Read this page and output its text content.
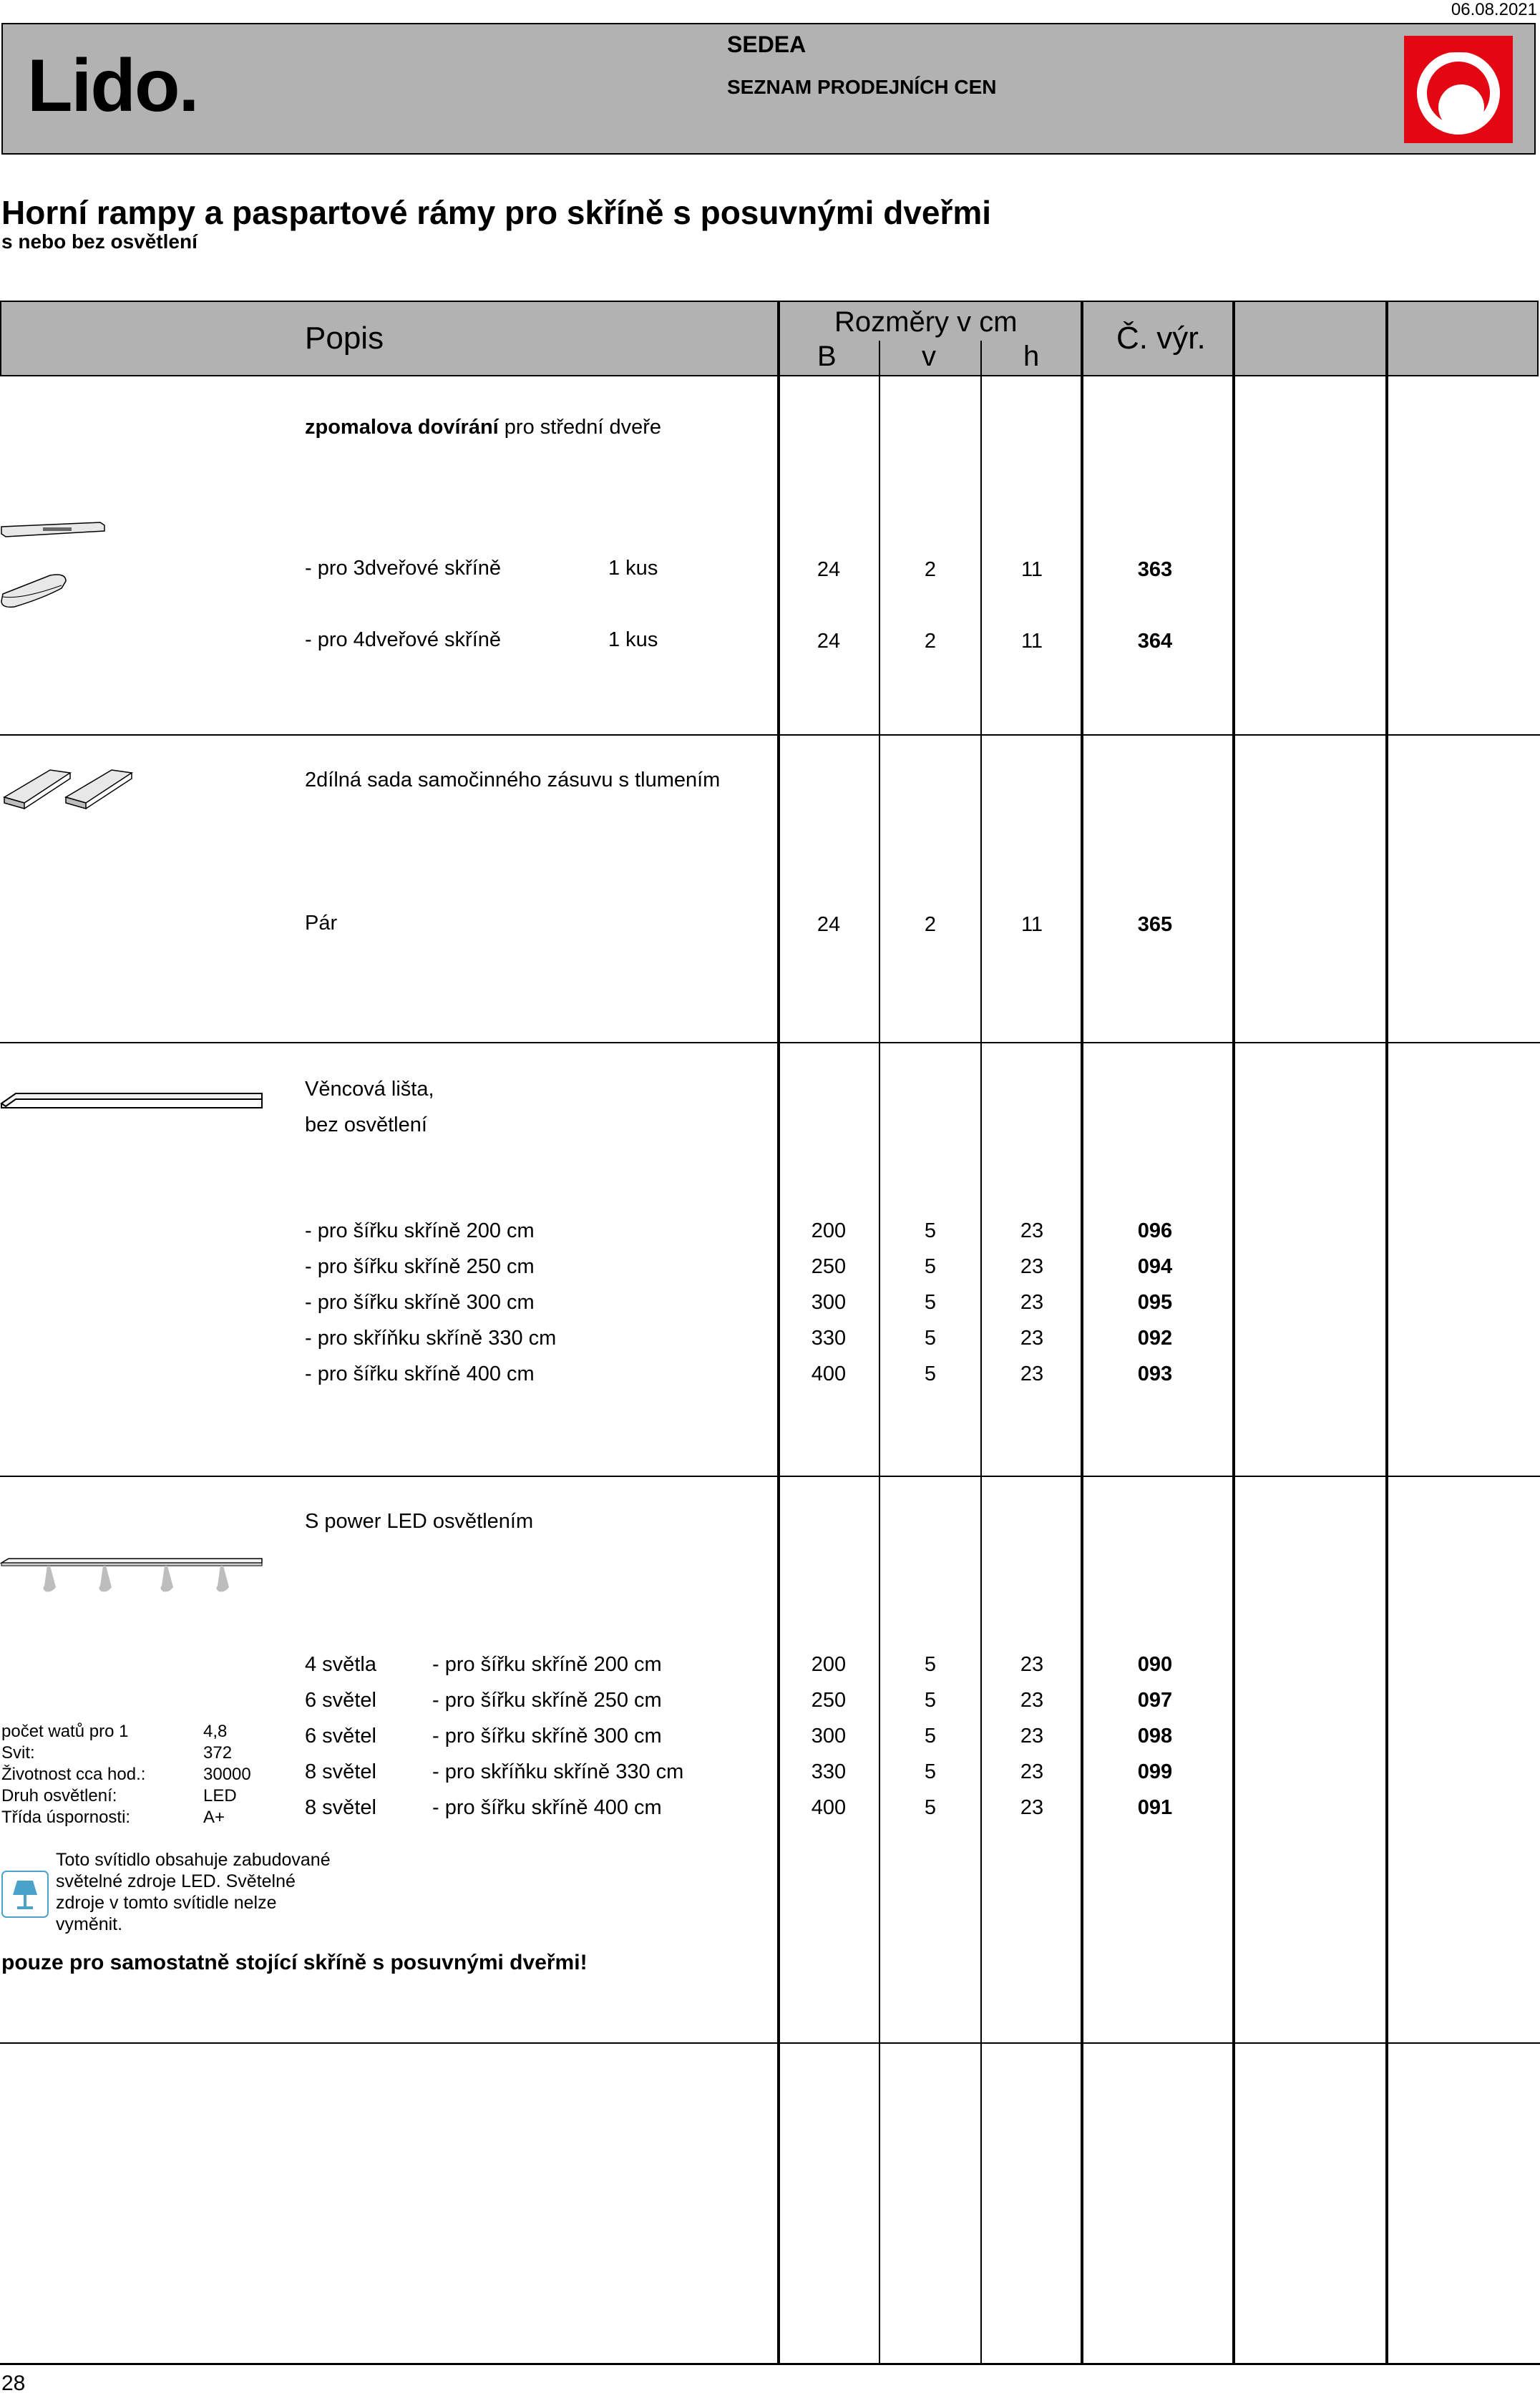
06.08.2021
Lido.	SEDEA
SEZNAM PRODEJNÍCH CEN
Horní rampy a paspartové rámy pro skříně s posuvnými dveřmi
s nebo bez osvětlení
Popis	Rozměry v cm
B	v	h
Č. výr.
zpomalova dovírání pro střední dveře
- pro 3dveřové skříně	1 kus	24	2	11	363
- pro 4dveřové skříně	1 kus	24	2	11	364
2dílná sada samočinného zásuvu s tlumením
Pár	24	2	11	365
Věncová lišta,
bez osvětlení
- pro šířku skříně 200 cm	200	5	23	096
- pro šířku skříně 250 cm	250	5	23	094
- pro šířku skříně 300 cm	300	5	23	095
- pro skříňku skříně 330 cm	330	5	23	092
- pro šířku skříně 400 cm	400	5	23	093
S power LED osvětlením
4 světla	- pro šířku skříně 200 cm	200	5	23	090
6 světel	- pro šířku skříně 250 cm	250	5	23	097
6 světel	- pro šířku skříně 300 cm	300	5	23	098
8 světel	- pro skříňku skříně 330 cm	330	5	23	099
8 světel	- pro šířku skříně 400 cm	400	5	23	091
počet watů pro 1	4,8
Svit:	372
Životnost cca hod.:	30000
Druh osvětlení:	LED
Třída úspornosti:	A+
Toto svítidlo obsahuje zabudované
světelné zdroje LED. Světelné
zdroje v tomto svítidle nelze
vyměnit.
pouze pro samostatně stojící skříně s posuvnými dveřmi!
28
